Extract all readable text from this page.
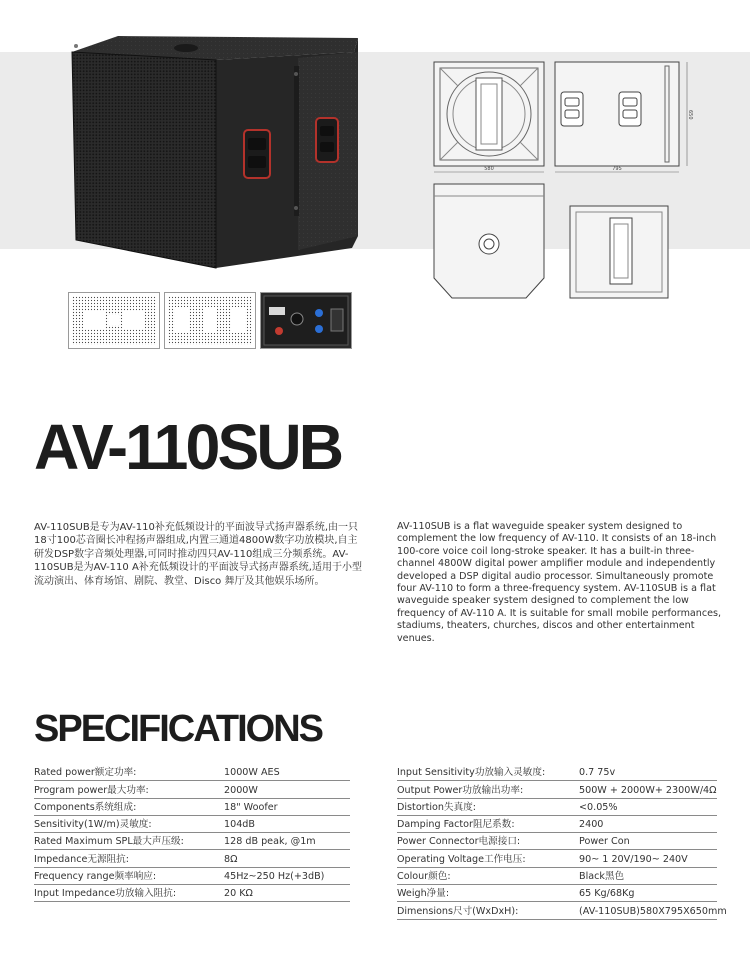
580	795
650
AV-110SUB

AV-110SUB是专为AV-110补充低频设计的平面波导式扬声器系统,由一只18寸100芯音圈长冲程扬声器组成,内置三通道4800W数字功放模块,自主研发DSP数字音频处理器,可同时推动四只AV-110组成三分频系统。AV-110SUB是为AV-110 A补充低频设计的平面波导式扬声器系统,适用于小型流动演出、体育场馆、剧院、教堂、Disco 舞厅及其他娱乐场所。

AV-110SUB is a flat waveguide speaker system designed to complement the low frequency of AV-110. It consists of an 18-inch 100-core voice coil long-stroke speaker. It has a built-in three-channel 4800W digital power amplifier module and independently developed a DSP digital audio processor. Simultaneously promote four AV-110 to form a three-frequency system. AV-110SUB is a flat waveguide speaker system designed to complement the low frequency of AV-110 A. It is suitable for small mobile performances, stadiums, theaters, churches, discos and other entertainment venues.

SPECIFICATIONS
Rated power额定功率:	1000W AES
Program power最大功率:	2000W
Components系统组成:	18" Woofer
Sensitivity(1W/m)灵敏度:	104dB
Rated Maximum SPL最大声压级:	128 dB peak, @1m
Impedance无源阻抗:	8Ω
Frequency range频率响应:	45Hz~250 Hz(+3dB)
Input Impedance功放输入阻抗:	20 KΩ
Input Sensitivity功放输入灵敏度:	0.7 75v
Output Power功放输出功率:	500W + 2000W+ 2300W/4Ω
Distortion失真度:	<0.05%
Damping Factor阻尼系数:	2400
Power Connector电源接口:	Power Con
Operating Voltage工作电压:	90~ 1 20V/190~ 240V
Colour颜色:	Black黑色
Weigh净量:	65 Kg/68Kg
Dimensions尺寸(WxDxH):	(AV-110SUB)580X795X650mm
